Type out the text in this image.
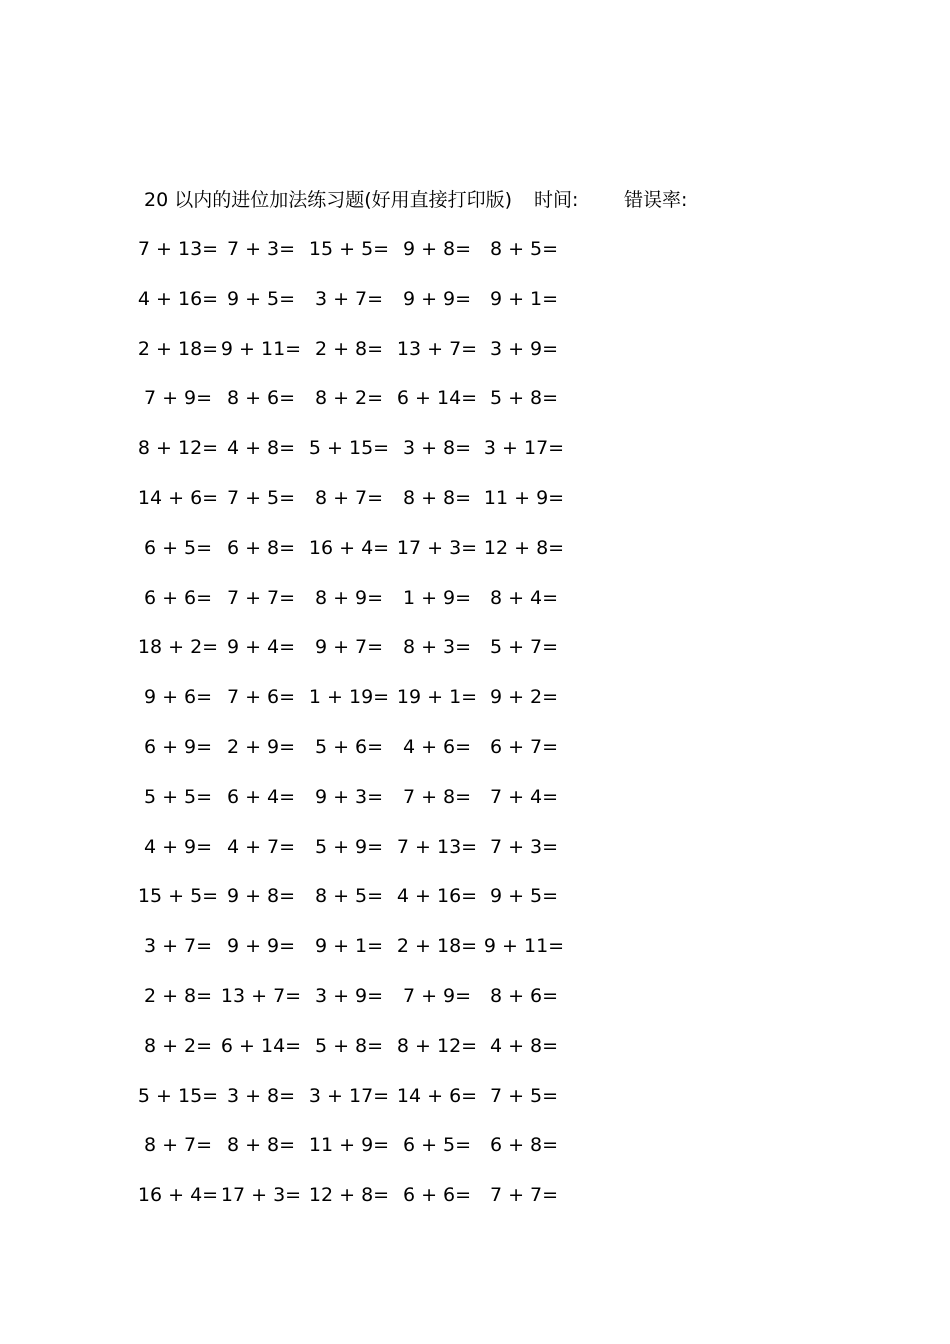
20 以内的进位加法练习题(好用直接打印版) 时间: 错误率:
7 + 13= 7 + 3= 15 + 5= 9 + 8= 8 + 5=
4 + 16= 9 + 5=	3 + 7=	9 + 9= 9 + 1=
2 + 18= 9 + 11= 2 + 8= 13 + 7= 3 + 9=
7 + 9= 8 + 6=	8 + 2= 6 + 14= 5 + 8=
8 + 12= 4 + 8= 5 + 15= 3 + 8= 3 + 17=
14 + 6= 7 + 5=	8 + 7=	8 + 8= 11 + 9=
6 + 5= 6 + 8= 16 + 4= 17 + 3= 12 + 8=
6 + 6= 7 + 7=	8 + 9=	1 + 9= 8 + 4=
18 + 2= 9 + 4=	9 + 7=	8 + 3= 5 + 7=
9 + 6= 7 + 6= 1 + 19= 19 + 1= 9 + 2=
6 + 9= 2 + 9=	5 + 6=	4 + 6= 6 + 7=
5 + 5= 6 + 4=	9 + 3=	7 + 8= 7 + 4=
4 + 9= 4 + 7=	5 + 9= 7 + 13= 7 + 3=
15 + 5= 9 + 8=	8 + 5= 4 + 16= 9 + 5=
3 + 7= 9 + 9=	9 + 1= 2 + 18= 9 + 11=
2 + 8= 13 + 7= 3 + 9=	7 + 9= 8 + 6=
8 + 2= 6 + 14= 5 + 8= 8 + 12= 4 + 8=
5 + 15= 3 + 8= 3 + 17= 14 + 6= 7 + 5=
8 + 7= 8 + 8= 11 + 9= 6 + 5= 6 + 8=
16 + 4= 17 + 3= 12 + 8= 6 + 6= 7 + 7=
